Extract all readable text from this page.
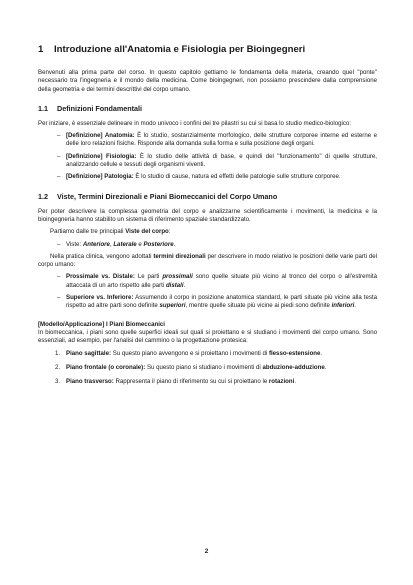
1	Introduzione all'Anatomia e Fisiologia per Bioingegneri

Benvenuti alla prima parte del corso. In questo capitolo gettiamo le fondamenta della materia, creando quel "ponte" necessario tra l'ingegneria e il mondo della medicina. Come bioingegneri, non possiamo prescindere dalla comprensione della geometria e dei termini descrittivi del corpo umano.

1.1	Definizioni Fondamentali

Per iniziare, è essenziale delineare in modo univoco i confini dei tre pilastri su cui si basa lo studio medico-biologico:

– [Definizione] Anatomia: È lo studio, sostanzialmente morfologico, delle strutture corporee interne ed esterne e delle loro relazioni fisiche. Risponde alla domanda sulla forma e sulla posizione degli organi.
– [Definizione] Fisiologia: È lo studio delle attività di base, e quindi del "funzionamento" di quelle strutture, analizzando cellule e tessuti degli organismi viventi.
– [Definizione] Patologia: È lo studio di cause, natura ed effetti delle patologie sulle strutture corporee.
1.2	Viste, Termini Direzionali e Piani Biomeccanici del Corpo Umano

Per poter descrivere la complessa geometria del corpo e analizzarne scientificamente i movimenti, la medicina e la bioingegneria hanno stabilito un sistema di riferimento spaziale standardizzato.

Partiamo dalle tre principali Viste del corpo:

– Viste: Anteriore, Laterale e Posteriore.

Nella pratica clinica, vengono adottati termini direzionali per descrivere in modo relativo le posizioni delle varie parti del corpo umano:

– Prossimale vs. Distale: Le parti prossimali sono quelle situate più vicino al tronco del corpo o all'estremità attaccata di un arto rispetto alle parti distali.
– Superiore vs. Inferiore: Assumendo il corpo in posizione anatomica standard, le parti situate più vicine alla testa rispetto ad altre parti sono definite superiori, mentre quelle situate più vicine ai piedi sono definite inferiori.
[Modello/Applicazione] I Piani Biomeccanici

In biomeccanica, i piani sono quelle superfici ideali sul quali si proiettano e si studiano i movimenti del corpo umano. Sono essenziali, ad esempio, per l'analisi del cammino o la progettazione protesica:

1. Piano sagittale: Su questo piano avvengono e si proiettano i movimenti di flesso-estensione.
2. Piano frontale (o coronale): Su questo piano si studiano i movimenti di abduzione-adduzione.
3. Piano trasverso: Rappresenta il piano di riferimento su cui si proiettano le rotazioni.
2
